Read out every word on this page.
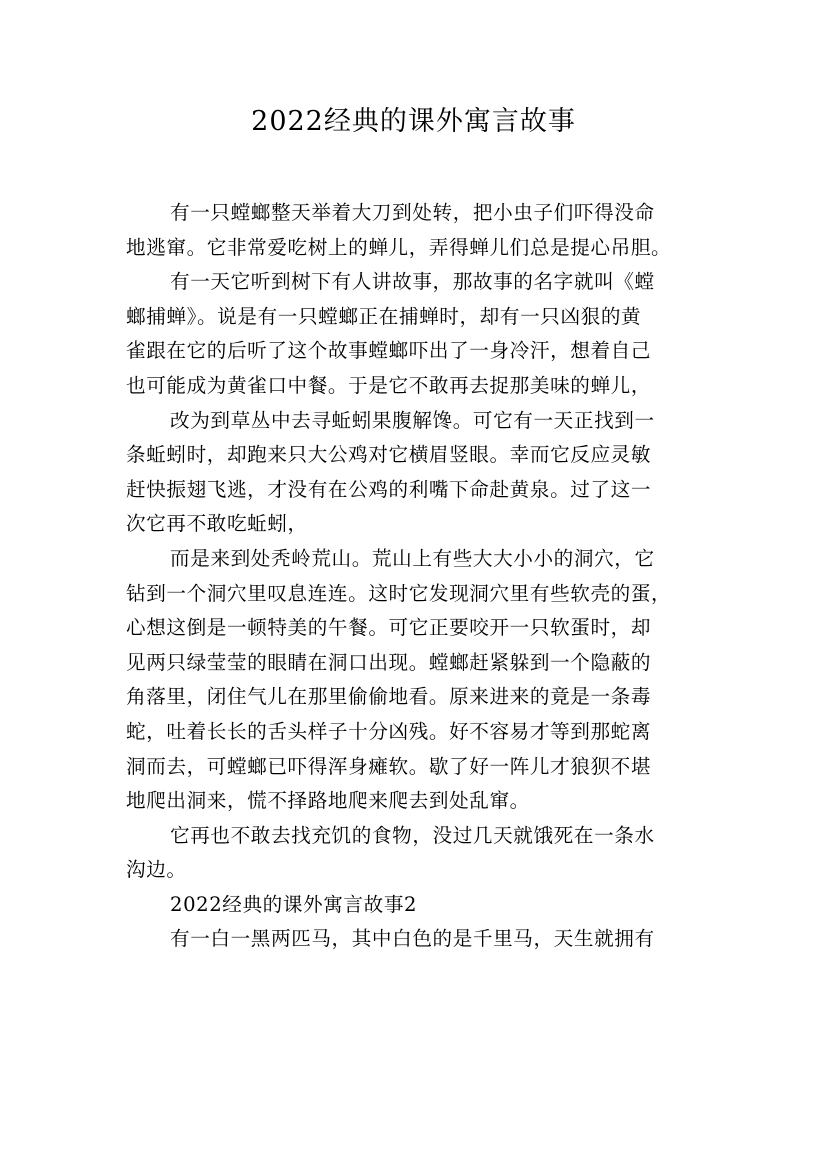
2022经典的课外寓言故事
有一只螳螂整天举着大刀到处转，把小虫子们吓得没命
地逃窜。它非常爱吃树上的蝉儿，弄得蝉儿们总是提心吊胆。
有一天它听到树下有人讲故事，那故事的名字就叫《螳
螂捕蝉》。说是有一只螳螂正在捕蝉时，却有一只凶狠的黄
雀跟在它的后听了这个故事螳螂吓出了一身冷汗，想着自己
也可能成为黄雀口中餐。于是它不敢再去捉那美味的蝉儿，
改为到草丛中去寻蚯蚓果腹解馋。可它有一天正找到一
条蚯蚓时，却跑来只大公鸡对它横眉竖眼。幸而它反应灵敏
赶快振翅飞逃，才没有在公鸡的利嘴下命赴黄泉。过了这一
次它再不敢吃蚯蚓，
而是来到处秃岭荒山。荒山上有些大大小小的洞穴，它
钻到一个洞穴里叹息连连。这时它发现洞穴里有些软壳的蛋，
心想这倒是一顿特美的午餐。可它正要咬开一只软蛋时，却
见两只绿莹莹的眼睛在洞口出现。螳螂赶紧躲到一个隐蔽的
角落里，闭住气儿在那里偷偷地看。原来进来的竟是一条毒
蛇，吐着长长的舌头样子十分凶残。好不容易才等到那蛇离
洞而去，可螳螂已吓得浑身瘫软。歇了好一阵儿才狼狈不堪
地爬出洞来，慌不择路地爬来爬去到处乱窜。
它再也不敢去找充饥的食物，没过几天就饿死在一条水
沟边。
2022经典的课外寓言故事2
有一白一黑两匹马，其中白色的是千里马，天生就拥有
